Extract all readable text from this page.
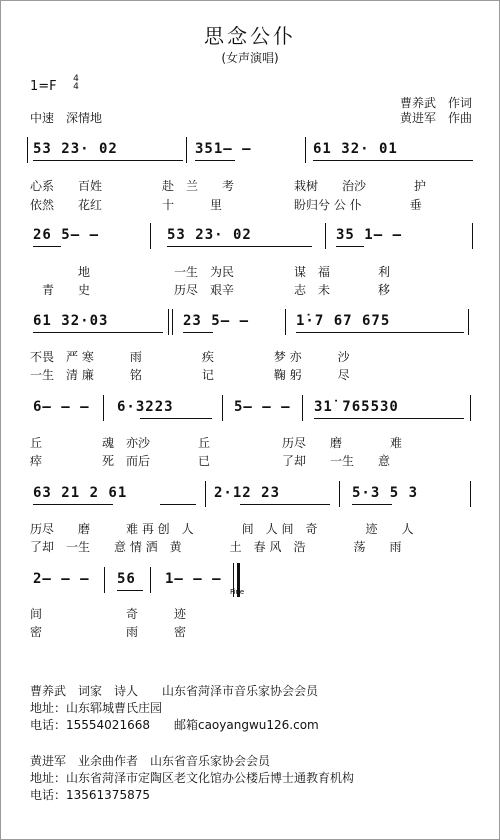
思念公仆
(女声演唱)
1=F 4
4
中速　深情地
曹养武　作词
黄进军　作曲
53 23· 02	351— —	61 32· 01
心系　　百姓　　　　　赴　兰　　考　　　　　栽树　　治沙　　　　护
依然　　花红　　　　　十　　　里　　　　　　盼归兮 公 仆　　　　垂
26 5— —	53 23· 02	35 1— —
　　　　地　　　　　　　一生　为民　　　　　谋　福　　　　利
　青　　史　　　　　　　历尽　艰辛　　　　　志　未　　　　移
61 32·03	23 5— —	1̇·7 67 675
不畏　严 寒　　　雨　　　　　疾　　　　　梦 亦　　　沙
一生　清 廉　　　铭　　　　　记　　　　　鞠 躬　　　尽
6— — — 6·3223	5— — — 31̇ 765530
丘　　　　　魂　亦沙　　　　丘　　　　　　历尽　　磨　　　　难
瘁　　　　　死　而后　　　　已　　　　　　了却　　一生　　意
63 21 2 61	2·12 23	5·3 5 3
历尽　　磨　　　难 再 创　人　　　　间　人 间　奇　　　　迹　　人
了却　一生　　意 情 洒　黄　　　　土　春 风　浩　　　　荡　　雨
2— — — 56 1— — —
Fine
间　　　　　　　奇　　　迹
密　　　　　　　雨　　　密
曹养武　词家　诗人　　山东省菏泽市音乐家协会会员
地址：山东郓城曹氏庄园
电话：15554021668　　邮箱caoyangwu126.com
黄进军　业余曲作者　山东省音乐家协会会员
地址：山东省菏泽市定陶区老文化馆办公楼后博士通教育机构
电话：13561375875
